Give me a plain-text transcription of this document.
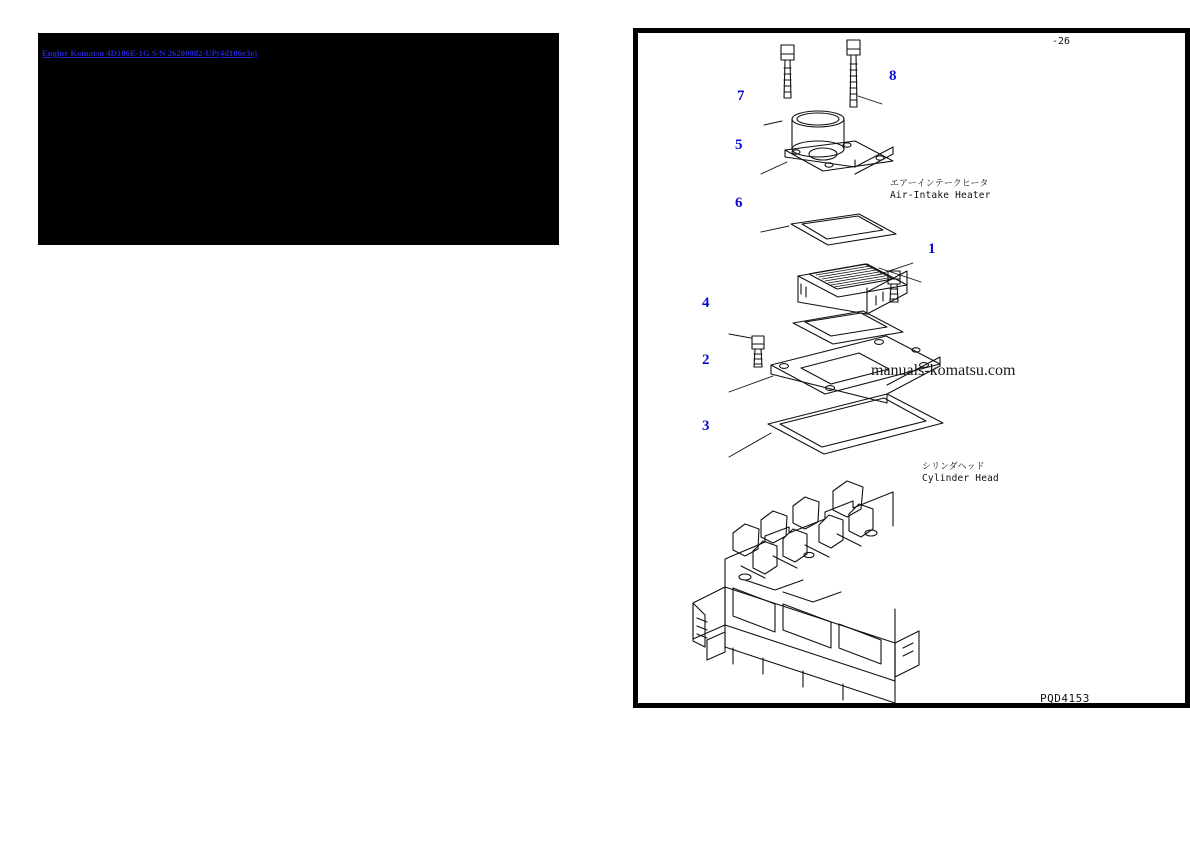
Engine Komatsu 4D106E-1G S/N 26200082-UP(4d106e3e)
-26
PQD4153
1
2
3
4
5
6
7
8
エアーインテークヒータ
Air-Intake Heater
シリンダヘッド
Cylinder Head
manuals-komatsu.com
